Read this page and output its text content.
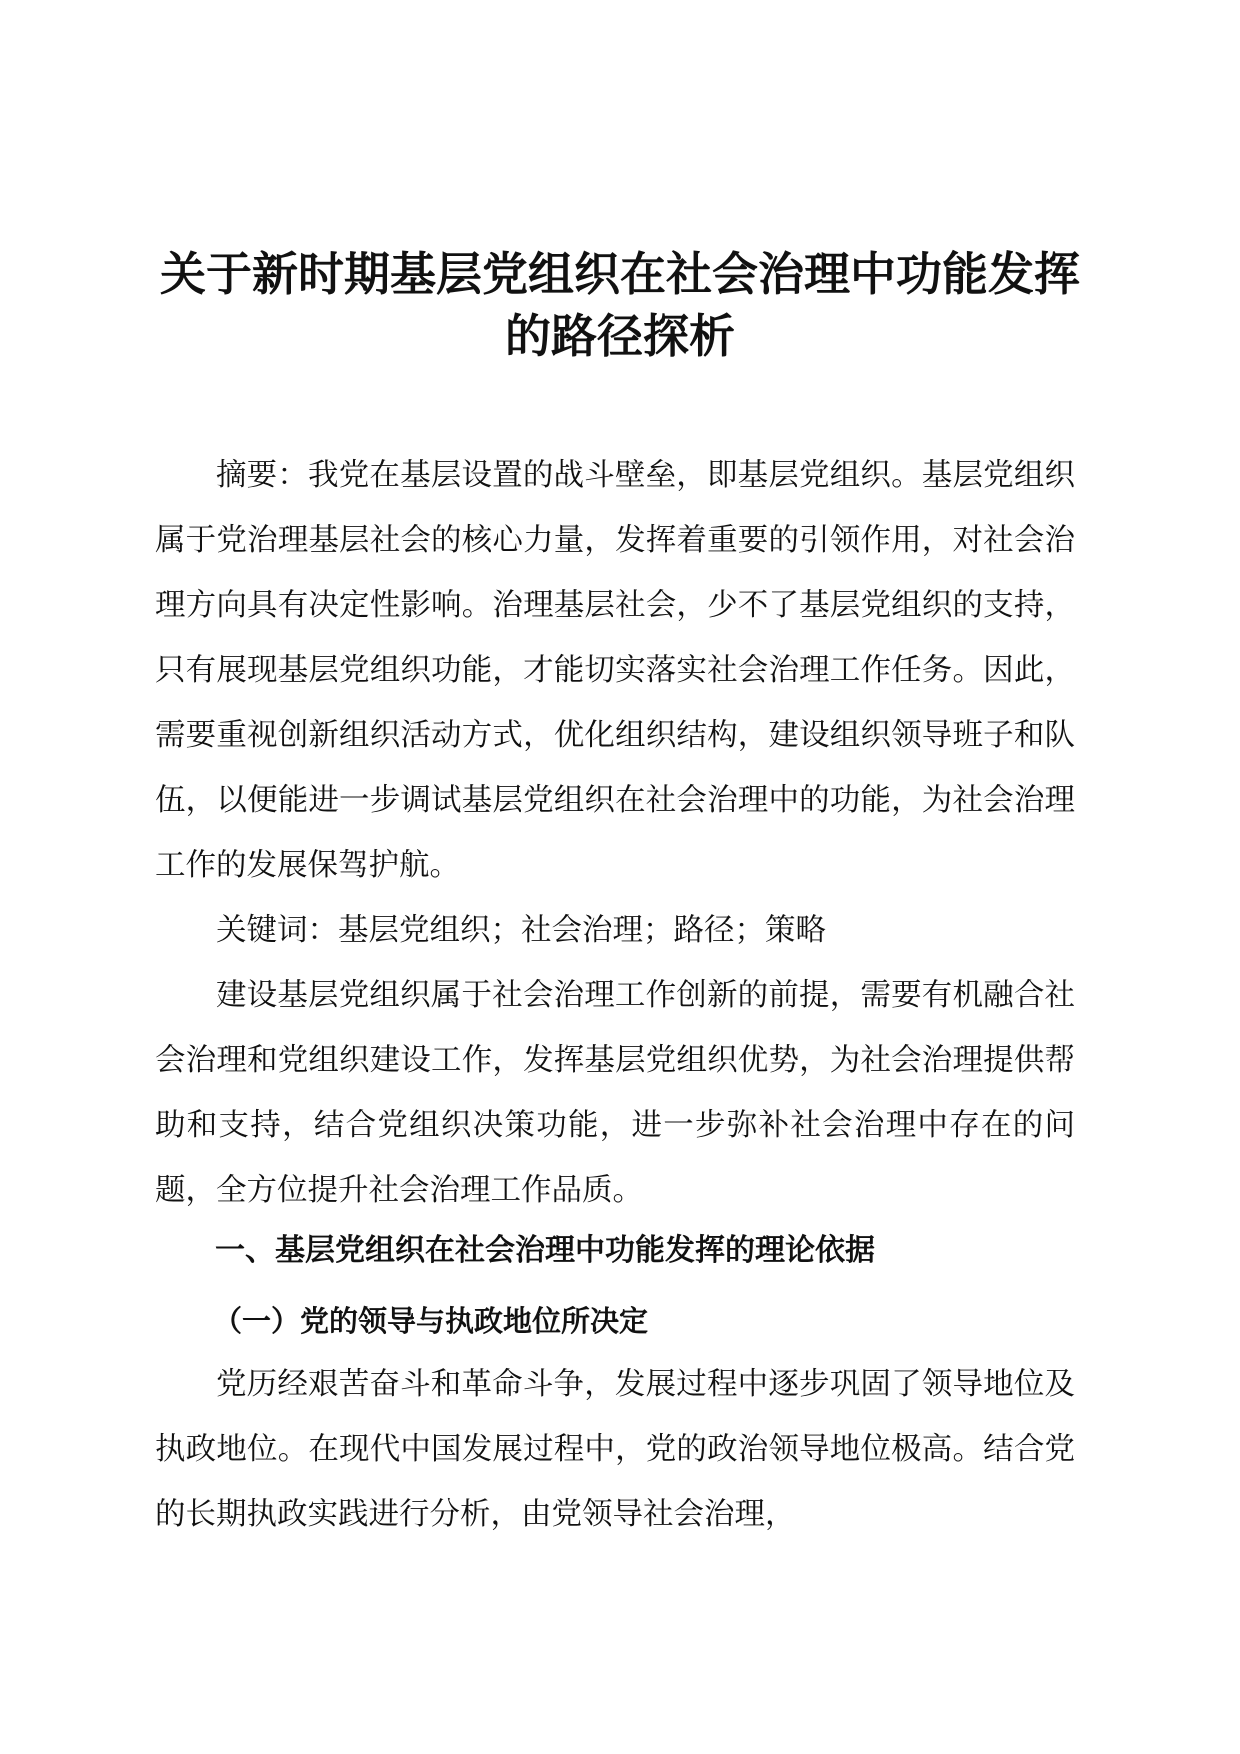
关于新时期基层党组织在社会治理中功能发挥
的路径探析

摘要：我党在基层设置的战斗壁垒，即基层党组织。基层党组织属于党治理基层社会的核心力量，发挥着重要的引领作用，对社会治理方向具有决定性影响。治理基层社会，少不了基层党组织的支持，只有展现基层党组织功能，才能切实落实社会治理工作任务。因此，需要重视创新组织活动方式，优化组织结构，建设组织领导班子和队伍，以便能进一步调试基层党组织在社会治理中的功能，为社会治理工作的发展保驾护航。

关键词：基层党组织；社会治理；路径；策略

建设基层党组织属于社会治理工作创新的前提，需要有机融合社会治理和党组织建设工作，发挥基层党组织优势，为社会治理提供帮助和支持，结合党组织决策功能，进一步弥补社会治理中存在的问题，全方位提升社会治理工作品质。

一、基层党组织在社会治理中功能发挥的理论依据
（一）党的领导与执政地位所决定

党历经艰苦奋斗和革命斗争，发展过程中逐步巩固了领导地位及执政地位。在现代中国发展过程中，党的政治领导地位极高。结合党的长期执政实践进行分析，由党领导社会治理，
